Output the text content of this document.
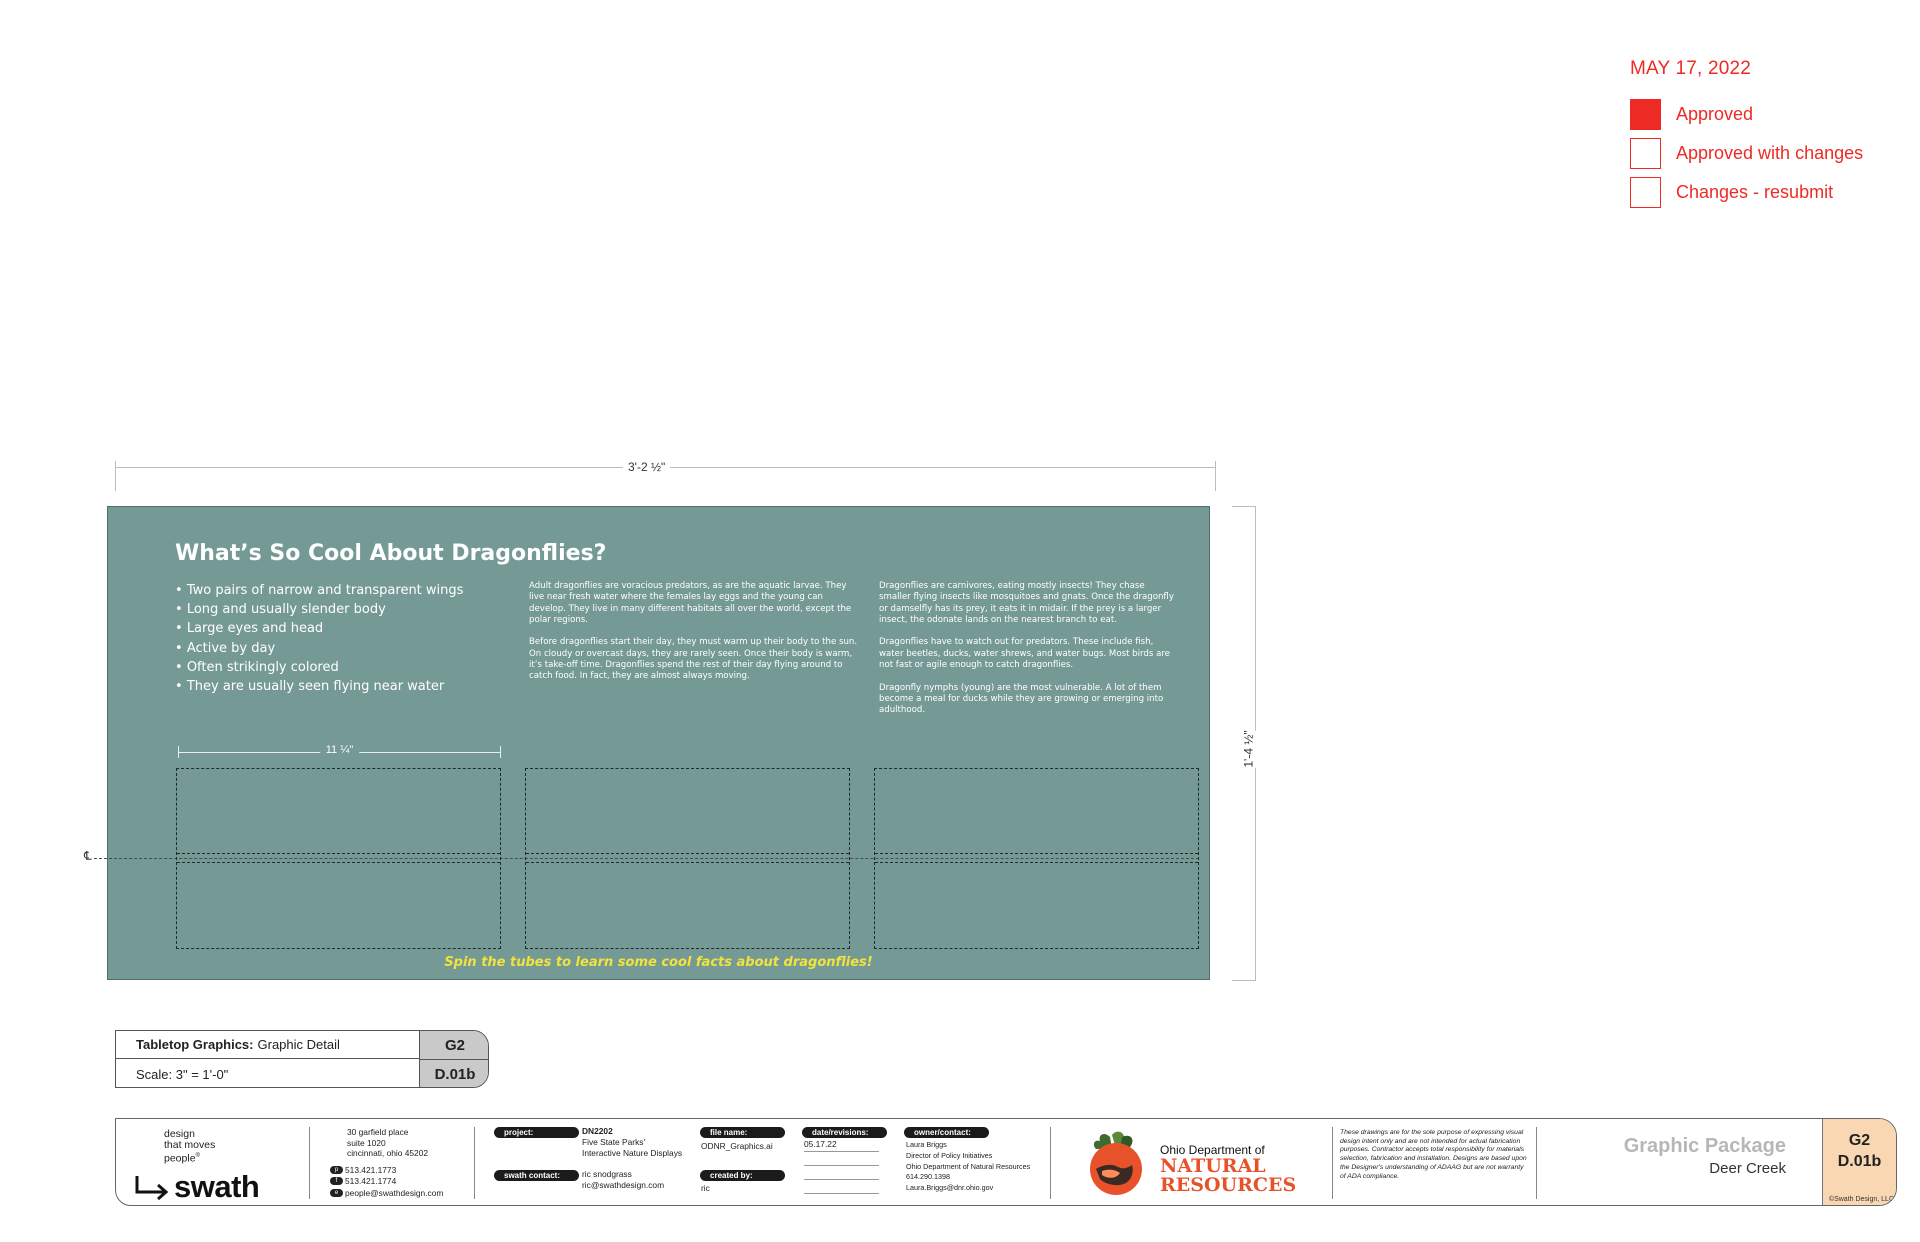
MAY 17, 2022
Approved
Approved with changes
Changes - resubmit
3'-2 ½"
1'-4 ½"
What’s So Cool About Dragonflies?
• Two pairs of narrow and transparent wings
• Long and usually slender body
• Large eyes and head
• Active by day
• Often strikingly colored
• They are usually seen flying near water

Adult dragonflies are voracious predators, as are the aquatic larvae. They live near fresh water where the females lay eggs and the young can develop. They live in many different habitats all over the world, except the polar regions.

Before dragonflies start their day, they must warm up their body to the sun. On cloudy or overcast days, they are rarely seen. Once their body is warm, it’s take-off time. Dragonflies spend the rest of their day flying around to catch food. In fact, they are almost always moving.

Dragonflies are carnivores, eating mostly insects! They chase smaller flying insects like mosquitoes and gnats. Once the dragonfly or damselfly has its prey, it eats it in midair. If the prey is a larger insect, the odonate lands on the nearest branch to eat.

Dragonflies have to watch out for predators. These include fish, water beetles, ducks, water shrews, and water bugs. Most birds are not fast or agile enough to catch dragonflies.

Dragonfly nymphs (young) are the most vulnerable. A lot of them become a meal for ducks while they are growing or emerging into adulthood.

11 ¼"
℄
Spin the tubes to learn some cool facts about dragonflies!
Tabletop Graphics: Graphic Detail
Scale: 3" = 1'-0"
G2
D.01b
design
that moves
people®
swath
30 garfield place
suite 1020
cincinnati, ohio 45202
p 513.421.1773
f 513.421.1774
e people@swathdesign.com
project:	DN2202
Five State Parks'
Interactive Nature Displays
swath contact:	ric snodgrass
ric@swathdesign.com
file name:
ODNR_Graphics.ai
created by:
ric
date/revisions:
05.17.22
owner/contact:
Laura Briggs
Director of Policy Initiatives
Ohio Department of Natural Resources
614.290.1398
Laura.Briggs@dnr.ohio.gov
Ohio Department of
NATURAL
RESOURCES
These drawings are for the sole purpose of expressing visual design intent only and are not intended for actual fabrication purposes. Contractor accepts total responsibility for materials selection, fabrication and installation. Designs are based upon the Designer's understanding of ADAAG but are not warranty of ADA compliance.
Graphic Package
Deer Creek
G2
D.01b
©Swath Design, LLC
